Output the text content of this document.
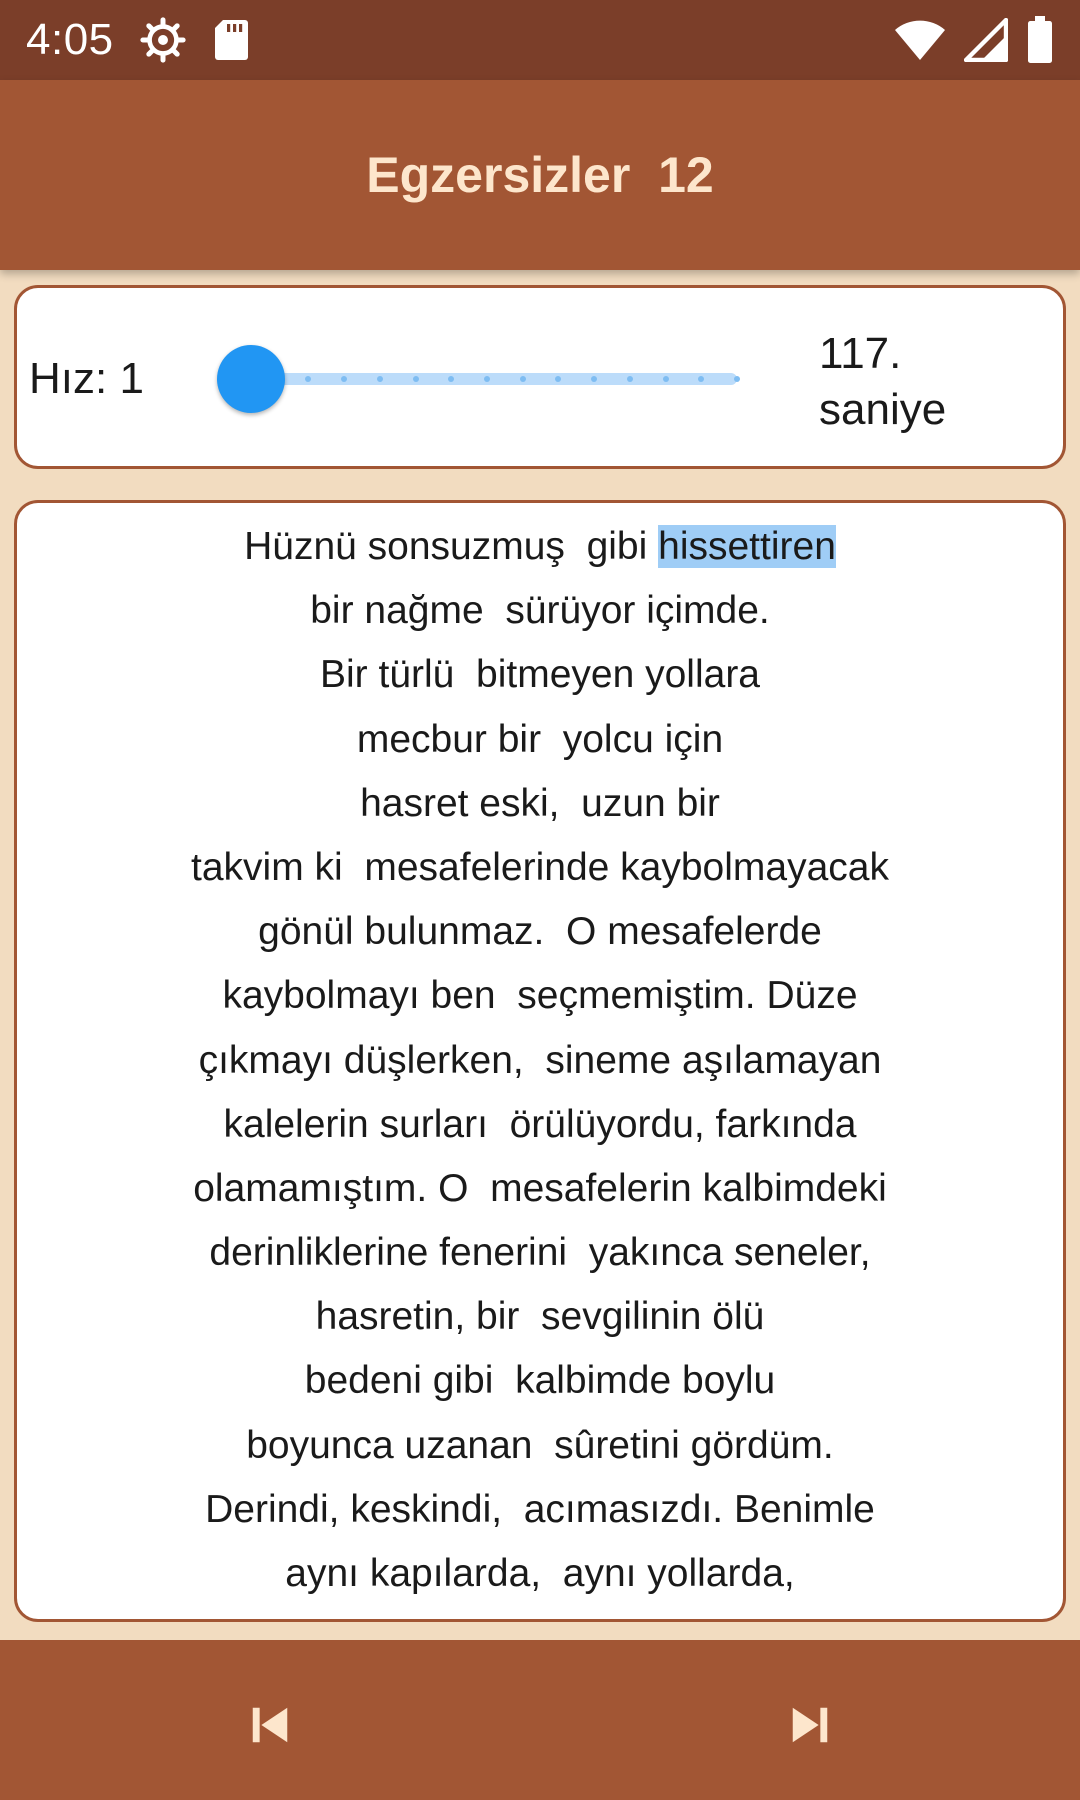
4:05
Egzersizler  12
Hız: 1
117.
saniye
Hüznü sonsuzmuş  gibi hissettiren
bir nağme  sürüyor içimde.
Bir türlü  bitmeyen yollara
mecbur bir  yolcu için
hasret eski,  uzun bir
takvim ki  mesafelerinde kaybolmayacak
gönül bulunmaz.  O mesafelerde
kaybolmayı ben  seçmemiştim. Düze
çıkmayı düşlerken,  sineme aşılamayan
kalelerin surları  örülüyordu, farkında
olamamıştım. O  mesafelerin kalbimdeki
derinliklerine fenerini  yakınca seneler,
hasretin, bir  sevgilinin ölü
bedeni gibi  kalbimde boylu
boyunca uzanan  sûretini gördüm.
Derindi, keskindi,  acımasızdı. Benimle
aynı kapılarda,  aynı yollarda,
